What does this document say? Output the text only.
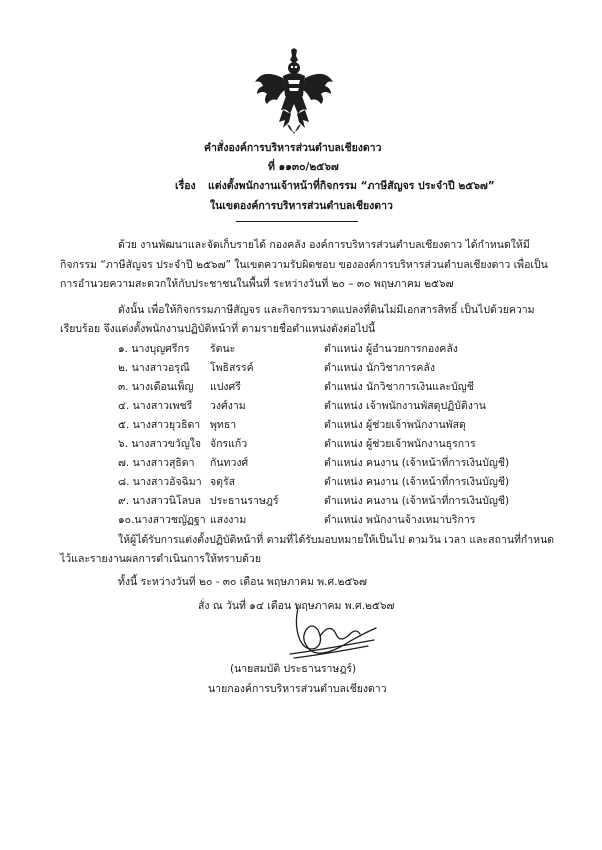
คำสั่งองค์การบริหารส่วนตำบลเชียงดาว
ที่ ๑๑๓๐/๒๕๖๗
เรื่อง แต่งตั้งพนักงานเจ้าหน้าที่กิจกรรม “ภาษีสัญจร ประจำปี ๒๕๖๗”
ในเขตองค์การบริหารส่วนตำบลเชียงดาว
ด้วย งานพัฒนาและจัดเก็บรายได้ กองคลัง องค์การบริหารส่วนตำบลเชียงดาว ได้กำหนดให้มี
กิจกรรม “ภาษีสัญจร ประจำปี ๒๕๖๗” ในเขตความรับผิดชอบ ขององค์การบริหารส่วนตำบลเชียงดาว เพื่อเป็น
การอำนวยความสะดวกให้กับประชาชนในพื้นที่ ระหว่างวันที่ ๒๐ – ๓๐ พฤษภาคม ๒๕๖๗
ดังนั้น เพื่อให้กิจกรรมภาษีสัญจร และกิจกรรมวาดแปลงที่ดินไม่มีเอกสารสิทธิ์ เป็นไปด้วยความ
เรียบร้อย จึงแต่งตั้งพนักงานปฏิบัติหน้าที่ ตามรายชื่อตำแหน่งดังต่อไปนี้
๑. นางบุญศรีกร รัตนะ	ตำแหน่ง ผู้อำนวยการกองคลัง
๒. นางสาวอรุณี โพธิสรรค์	ตำแหน่ง นักวิชาการคลัง
๓. นางเดือนเพ็ญ แปงศรี	ตำแหน่ง นักวิชาการเงินและบัญชี
๔. นางสาวเพชรี วงศ์งาม	ตำแหน่ง เจ้าพนักงานพัสดุปฏิบัติงาน
๕. นางสาวยุวธิดา พุทธา	ตำแหน่ง ผู้ช่วยเจ้าพนักงานพัสดุ
๖. นางสาวขวัญใจ จักรแก้ว	ตำแหน่ง ผู้ช่วยเจ้าพนักงานธุรการ
๗. นางสาวสุธิดา กันทวงศ์	ตำแหน่ง คนงาน (เจ้าหน้าที่การเงินบัญชี)
๘. นางสาวอัจฉิมา จตุรัส	ตำแหน่ง คนงาน (เจ้าหน้าที่การเงินบัญชี)
๙. นางสาวนิโลบล ประธานราษฎร์	ตำแหน่ง คนงาน (เจ้าหน้าที่การเงินบัญชี)
๑๐.นางสาวชญัฏฐา แสงงาม	ตำแหน่ง พนักงานจ้างเหมาบริการ
ให้ผู้ได้รับการแต่งตั้งปฏิบัติหน้าที่ ตามที่ได้รับมอบหมายให้เป็นไป ตามวัน เวลา และสถานที่กำหนด
ไว้และรายงานผลการดำเนินการให้ทราบด้วย
ทั้งนี้ ระหว่างวันที่ ๒๐ - ๓๐ เดือน พฤษภาคม พ.ศ.๒๕๖๗
สั่ง ณ วันที่ ๑๔ เดือน พฤษภาคม พ.ศ.๒๕๖๗
(นายสมบัติ ประธานราษฎร์)
นายกองค์การบริหารส่วนตำบลเชียงดาว
